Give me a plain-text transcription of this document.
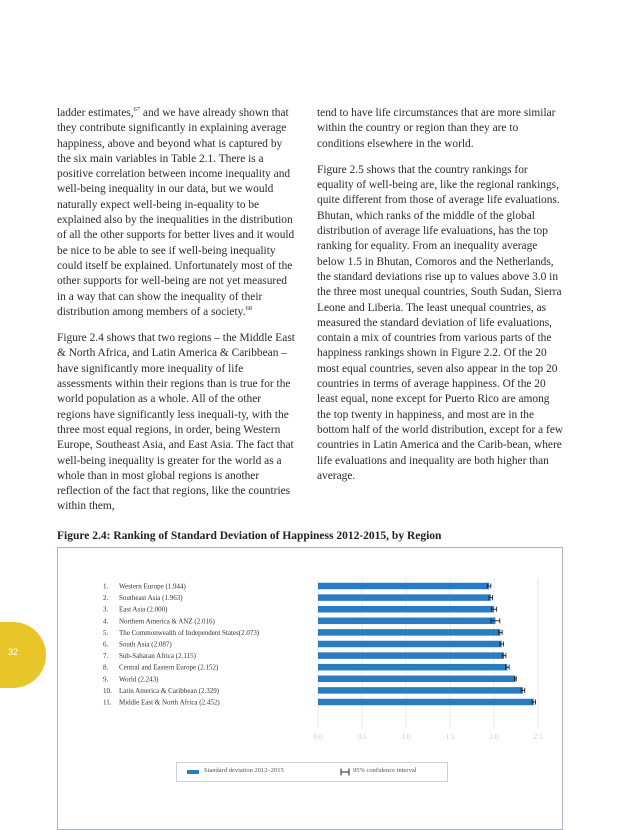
ladder estimates,$^{67}$ and we have already shown that they contribute significantly in explaining average happiness, above and beyond what is captured by the six main variables in Table 2.1. There is a positive correlation between income inequality and well-being inequality in our data, but we would naturally expect well-being in-equality to be explained also by the inequalities in the distribution of all the other supports for better lives and it would be nice to be able to see if well-being inequality could itself be explained. Unfortunately most of the other supports for well-being are not yet measured in a way that can show the inequality of their distribution among members of a society.$^{68}$

Figure 2.4 shows that two regions – the Middle East & North Africa, and Latin America & Caribbean – have significantly more inequality of life assessments within their regions than is true for the world population as a whole. All of the other regions have significantly less inequali-ty, with the three most equal regions, in order, being Western Europe, Southeast Asia, and East Asia. The fact that well-being inequality is greater for the world as a whole than in most global regions is another reflection of the fact that regions, like the countries within them,

tend to have life circumstances that are more similar within the country or region than they are to conditions elsewhere in the world.

Figure 2.5 shows that the country rankings for equality of well-being are, like the regional rankings, quite different from those of average life evaluations. Bhutan, which ranks of the middle of the global distribution of average life evaluations, has the top ranking for equality. From an inequality average below 1.5 in Bhutan, Comoros and the Netherlands, the standard deviations rise up to values above 3.0 in the three most unequal countries, South Sudan, Sierra Leone and Liberia. The least unequal countries, as measured the standard deviation of life evaluations, contain a mix of countries from various parts of the happiness rankings shown in Figure 2.2. Of the 20 most equal countries, seven also appear in the top 20 countries in terms of average happiness. Of the 20 least equal, none except for Puerto Rico are among the top twenty in happiness, and most are in the bottom half of the world distribution, except for a few countries in Latin America and the Carib-bean, where life evaluations and inequality are both higher than average.

Figure 2.4: Ranking of Standard Deviation of Happiness 2012-2015, by Region
32
0.0	0.5	1.0	1.5	2.0	2.5
1. Western Europe (1.944)
2. Southeast Asia (1.963)
3. East Asia (2.000)
4. Northern America & ANZ (2.016)
5. The Commonwealth of Independent States(2.073)
6. South Asia (2.087)
7. Sub-Saharan Africa (2.115)
8. Central and Eastern Europe (2.152)
9. World (2.243)
10. Latin America & Caribbean (2.329)
11. Middle East & North Africa (2.452)
Standard deviation 2012–2015	95% confidence interval
